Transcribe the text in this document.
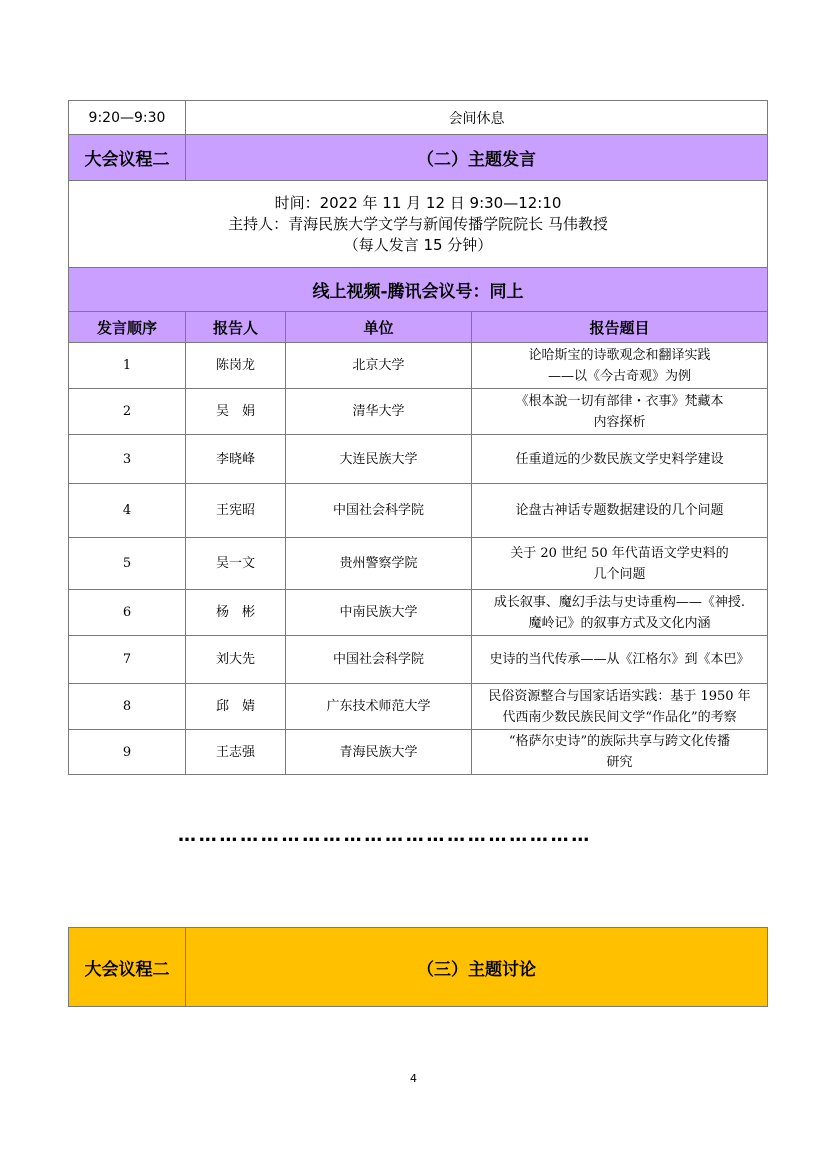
9:20—9:30	会间休息		
大会议程二	（二）主题发言		

时间：2022 年 11 月 12 日 9:30—12:10
主持人：青海民族大学文学与新闻传播学院院长 马伟教授
（每人发言 15 分钟）			

线上视频-腾讯会议号：同上			
发言顺序	报告人	单位	报告题目
1	陈岗龙	北京大学	论哈斯宝的诗歌观念和翻译实践
——以《今古奇观》为例

2	吴　娟	清华大学	《根本說一切有部律・衣事》梵藏本
内容探析

3	李晓峰	大连民族大学	任重道远的少数民族文学史料学建设

4	王宪昭	中国社会科学院	论盘古神话专题数据建设的几个问题

5	吴一文	贵州警察学院	关于 20 世纪 50 年代苗语文学史料的
几个问题

6	杨　彬	中南民族大学	成长叙事、魔幻手法与史诗重构——《神授.
魔岭记》的叙事方式及文化内涵

7	刘大先	中国社会科学院	史诗的当代传承——从《江格尔》到《本巴》

8	邱　婧	广东技术师范大学	民俗资源整合与国家话语实践：基于 1950 年
代西南少数民族民间文学“作品化”的考察

9	王志强	青海民族大学	“格萨尔史诗”的族际共享与跨文化传播
研究
……………………………………………………
大会议程二	（三）主题讨论
4
